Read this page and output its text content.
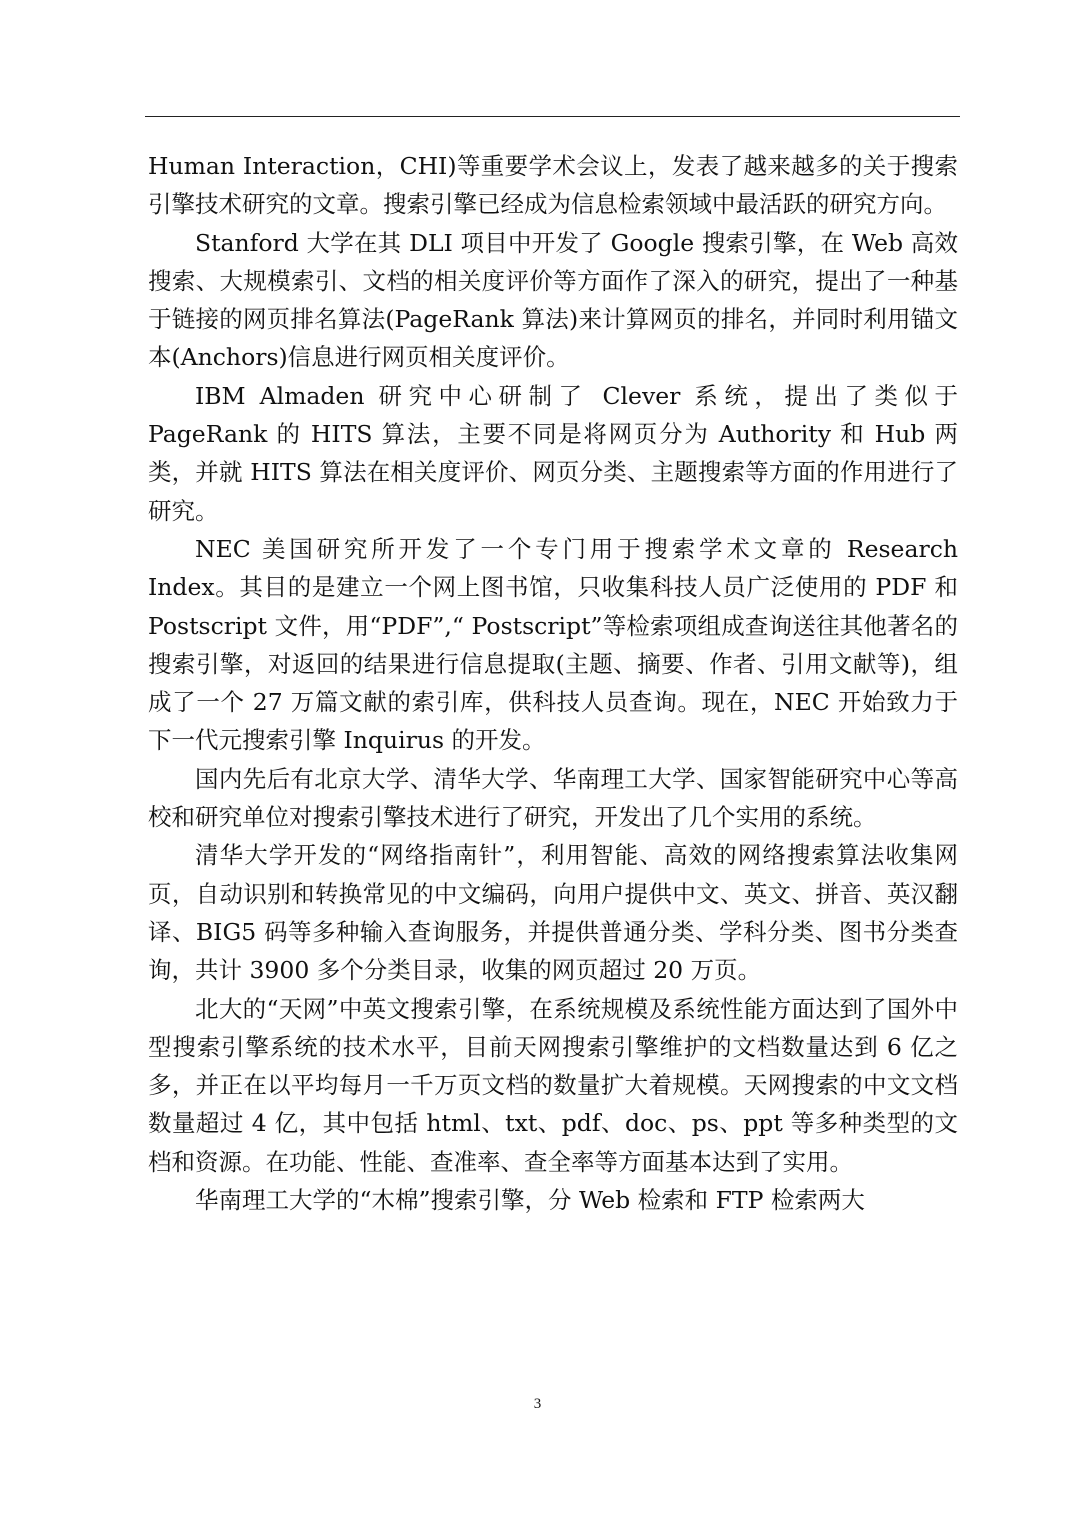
Human Interaction，CHI)等重要学术会议上，发表了越来越多的关于搜索引擎技术研究的文章。搜索引擎已经成为信息检索领域中最活跃的研究方向。

Stanford 大学在其 DLI 项目中开发了 Google 搜索引擎，在 Web 高效搜索、大规模索引、文档的相关度评价等方面作了深入的研究，提出了一种基于链接的网页排名算法(PageRank 算法)来计算网页的排名，并同时利用锚文本(Anchors)信息进行网页相关度评价。

IBM Almaden 研究中心研制了 Clever 系统，提出了类似于 PageRank 的 HITS 算法，主要不同是将网页分为 Authority 和 Hub 两类，并就 HITS 算法在相关度评价、网页分类、主题搜索等方面的作用进行了研究。

NEC 美国研究所开发了一个专门用于搜索学术文章的 Research Index。其目的是建立一个网上图书馆，只收集科技人员广泛使用的 PDF 和 Postscript 文件，用“PDF”,“ Postscript”等检索项组成查询送往其他著名的搜索引擎，对返回的结果进行信息提取(主题、摘要、作者、引用文献等)，组成了一个 27 万篇文献的索引库，供科技人员查询。现在，NEC 开始致力于下一代元搜索引擎 Inquirus 的开发。

国内先后有北京大学、清华大学、华南理工大学、国家智能研究中心等高校和研究单位对搜索引擎技术进行了研究，开发出了几个实用的系统。

清华大学开发的“网络指南针”，利用智能、高效的网络搜索算法收集网页，自动识别和转换常见的中文编码，向用户提供中文、英文、拼音、英汉翻译、BIG5 码等多种输入查询服务，并提供普通分类、学科分类、图书分类查询，共计 3900 多个分类目录，收集的网页超过 20 万页。

北大的“天网”中英文搜索引擎，在系统规模及系统性能方面达到了国外中型搜索引擎系统的技术水平，目前天网搜索引擎维护的文档数量达到 6 亿之多，并正在以平均每月一千万页文档的数量扩大着规模。天网搜索的中文文档数量超过 4 亿，其中包括 html、txt、pdf、doc、ps、ppt 等多种类型的文档和资源。在功能、性能、查准率、查全率等方面基本达到了实用。

华南理工大学的“木棉”搜索引擎，分 Web 检索和 FTP 检索两大

3
